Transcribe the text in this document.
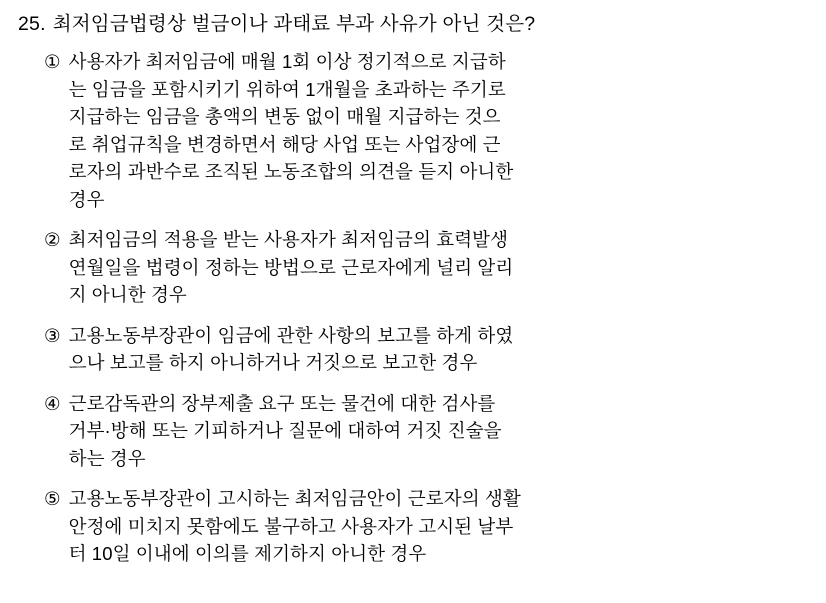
25. 최저임금법령상 벌금이나 과태료 부과 사유가 아닌 것은?
① 사용자가 최저임금에 매월 1회 이상 정기적으로 지급하
는 임금을 포함시키기 위하여 1개월을 초과하는 주기로
지급하는 임금을 총액의 변동 없이 매월 지급하는 것으
로 취업규칙을 변경하면서 해당 사업 또는 사업장에 근
로자의 과반수로 조직된 노동조합의 의견을 듣지 아니한
경우
② 최저임금의 적용을 받는 사용자가 최저임금의 효력발생
연월일을 법령이 정하는 방법으로 근로자에게 널리 알리
지 아니한 경우
③ 고용노동부장관이 임금에 관한 사항의 보고를 하게 하였
으나 보고를 하지 아니하거나 거짓으로 보고한 경우
④ 근로감독관의 장부제출 요구 또는 물건에 대한 검사를
거부·방해 또는 기피하거나 질문에 대하여 거짓 진술을
하는 경우
⑤ 고용노동부장관이 고시하는 최저임금안이 근로자의 생활
안정에 미치지 못함에도 불구하고 사용자가 고시된 날부
터 10일 이내에 이의를 제기하지 아니한 경우
